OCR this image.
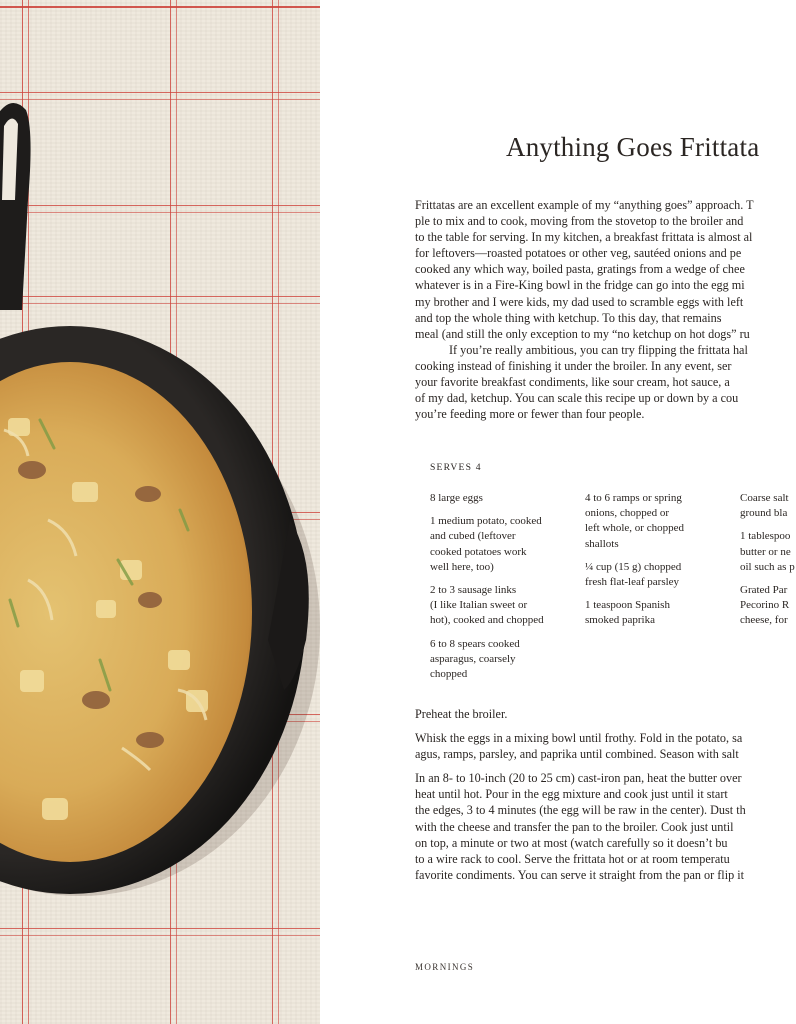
Anything Goes Frittata

Frittatas are an excellent example of my “anything goes” approach. T

ple to mix and to cook, moving from the stovetop to the broiler and

to the table for serving. In my kitchen, a breakfast frittata is almost al

for leftovers—roasted potatoes or other veg, sautéed onions and pe

cooked any which way, boiled pasta, gratings from a wedge of chee

whatever is in a Fire-King bowl in the fridge can go into the egg mi

my brother and I were kids, my dad used to scramble eggs with left

and top the whole thing with ketchup. To this day, that remains

meal (and still the only exception to my “no ketchup on hot dogs” ru

If you’re really ambitious, you can try flipping the frittata hal

cooking instead of finishing it under the broiler. In any event, ser

your favorite breakfast condiments, like sour cream, hot sauce, a

of my dad, ketchup. You can scale this recipe up or down by a cou

you’re feeding more or fewer than four people.

SERVES 4
8 large eggs
1 medium potato, cooked
and cubed (leftover
cooked potatoes work
well here, too)
2 to 3 sausage links
(I like Italian sweet or
hot), cooked and chopped
6 to 8 spears cooked
asparagus, coarsely
chopped
4 to 6 ramps or spring
onions, chopped or
left whole, or chopped
shallots
¼ cup (15 g) chopped
fresh flat-leaf parsley
1 teaspoon Spanish
smoked paprika
Coarse salt
ground bla
1 tablespoo
butter or ne
oil such as p
Grated Par
Pecorino R
cheese, for
Preheat the broiler.
Whisk the eggs in a mixing bowl until frothy. Fold in the potato, sa
agus, ramps, parsley, and paprika until combined. Season with salt
In an 8- to 10-inch (20 to 25 cm) cast-iron pan, heat the butter over
heat until hot. Pour in the egg mixture and cook just until it start
the edges, 3 to 4 minutes (the egg will be raw in the center). Dust th
with the cheese and transfer the pan to the broiler. Cook just until
on top, a minute or two at most (watch carefully so it doesn’t bu
to a wire rack to cool. Serve the frittata hot or at room temperatu
favorite condiments. You can serve it straight from the pan or flip it
MORNINGS
